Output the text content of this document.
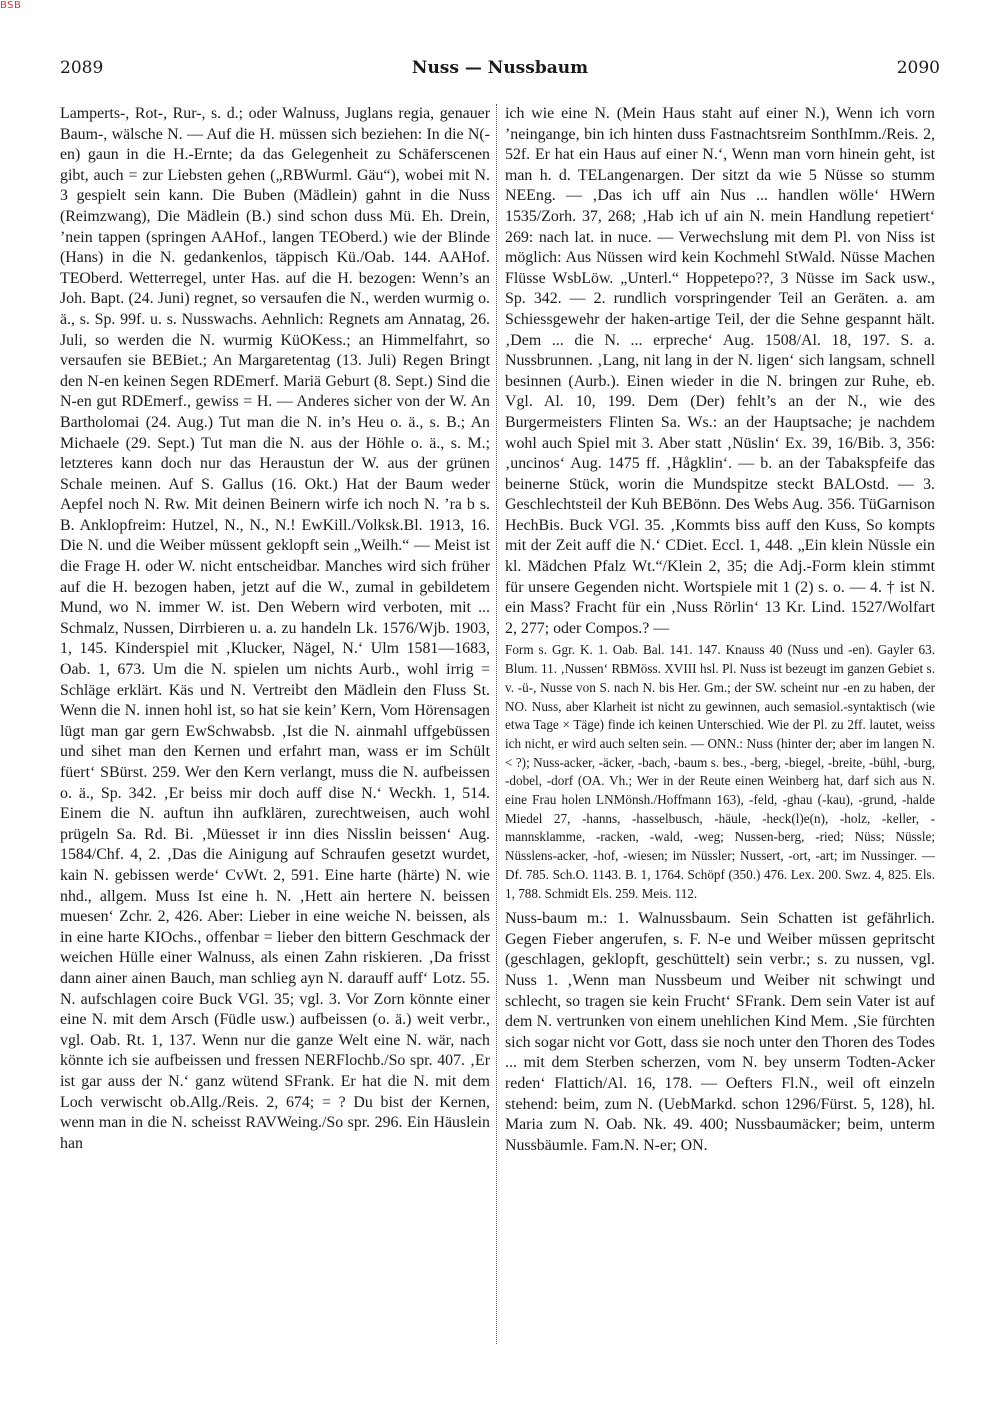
BSB
2089	Nuss — Nussbaum	2090

Lamperts-, Rot-, Rur-, s. d.; oder Walnuss, Juglans regia, genauer Baum-, wälsche N. — Auf die H. müssen sich beziehen: In die N(-en) gaun in die H.-Ernte; da das Gelegenheit zu Schäferscenen gibt, auch = zur Liebsten gehen („RBWurml. Gäu“), wobei mit N. 3 gespielt sein kann. Die Buben (Mädlein) gahnt in die Nuss (Reimzwang), Die Mädlein (B.) sind schon duss Mü. Eh. Drein, ’nein tappen (springen AAHof., langen TEOberd.) wie der Blinde (Hans) in die N. gedankenlos, täppisch Kü./Oab. 144. AAHof. TEOberd. Wetterregel, unter Has. auf die H. bezogen: Wenn’s an Joh. Bapt. (24. Juni) regnet, so versaufen die N., werden wurmig o. ä., s. Sp. 99f. u. s. Nusswachs. Aehnlich: Regnets am Annatag, 26. Juli, so werden die N. wurmig KüOKess.; an Himmelfahrt, so versaufen sie BEBiet.; An Margaretentag (13. Juli) Regen Bringt den N-en keinen Segen RDEmerf. Mariä Geburt (8. Sept.) Sind die N-en gut RDEmerf., gewiss = H. — Anderes sicher von der W. An Bartholomai (24. Aug.) Tut man die N. in’s Heu o. ä., s. B.; An Michaele (29. Sept.) Tut man die N. aus der Höhle o. ä., s. M.; letzteres kann doch nur das Heraustun der W. aus der grünen Schale meinen. Auf S. Gallus (16. Okt.) Hat der Baum weder Aepfel noch N. Rw. Mit deinen Beinern wirfe ich noch N. ’ra b s. B. Anklopfreim: Hutzel, N., N., N.! EwKill./Volksk.Bl. 1913, 16. Die N. und die Weiber müssent geklopft sein „Weilh.“ — Meist ist die Frage H. oder W. nicht entscheidbar. Manches wird sich früher auf die H. bezogen haben, jetzt auf die W., zumal in gebildetem Mund, wo N. immer W. ist. Den Webern wird verboten, mit ... Schmalz, Nussen, Dirrbieren u. a. zu handeln Lk. 1576/Wjb. 1903, 1, 145. Kinderspiel mit ‚Klucker, Nägel, N.‘ Ulm 1581—1683, Oab. 1, 673. Um die N. spielen um nichts Aurb., wohl irrig = Schläge erklärt. Käs und N. Vertreibt den Mädlein den Fluss St. Wenn die N. innen hohl ist, so hat sie kein’ Kern, Vom Hörensagen lügt man gar gern EwSchwabsb. ‚Ist die N. ainmahl uffgebüssen und sihet man den Kernen und erfahrt man, wass er im Schült füert‘ SBürst. 259. Wer den Kern verlangt, muss die N. aufbeissen o. ä., Sp. 342. ‚Er beiss mir doch auff dise N.‘ Weckh. 1, 514. Einem die N. auftun ihn aufklären, zurechtweisen, auch wohl prügeln Sa. Rd. Bi. ‚Müesset ir inn dies Nisslin beissen‘ Aug. 1584/Chf. 4, 2. ‚Das die Ainigung auf Schraufen gesetzt wurdet, kain N. gebissen werde‘ CvWt. 2, 591. Eine harte (härte) N. wie nhd., allgem. Muss Ist eine h. N. ‚Hett ain hertere N. beissen muesen‘ Zchr. 2, 426. Aber: Lieber in eine weiche N. beissen, als in eine harte KIOchs., offenbar = lieber den bittern Geschmack der weichen Hülle einer Walnuss, als einen Zahn riskieren. ‚Da frisst dann ainer ainen Bauch, man schlieg ayn N. darauff auff‘ Lotz. 55. N. aufschlagen coire Buck VGl. 35; vgl. 3. Vor Zorn könnte einer eine N. mit dem Arsch (Füdle usw.) aufbeissen (o. ä.) weit verbr., vgl. Oab. Rt. 1, 137. Wenn nur die ganze Welt eine N. wär, nach könnte ich sie aufbeissen und fressen NERFlochb./So spr. 407. ‚Er ist gar auss der N.‘ ganz wütend SFrank. Er hat die N. mit dem Loch verwischt ob.Allg./Reis. 2, 674; = ? Du bist der Kernen, wenn man in die N. scheisst RAVWeing./So spr. 296. Ein Häuslein han

ich wie eine N. (Mein Haus staht auf einer N.), Wenn ich vorn ’neingange, bin ich hinten duss Fastnachtsreim SonthImm./Reis. 2, 52f. Er hat ein Haus auf einer N.‘, Wenn man vorn hinein geht, ist man h. d. TELangenargen. Der sitzt da wie 5 Nüsse so stumm NEEng. — ‚Das ich uff ain Nus ... handlen wölle‘ HWern 1535/Zorh. 37, 268; ‚Hab ich uf ain N. mein Handlung repetiert‘ 269: nach lat. in nuce. — Verwechslung mit dem Pl. von Niss ist möglich: Aus Nüssen wird kein Kochmehl StWald. Nüsse Machen Flüsse WsbLöw. „Unterl.“ Hoppetepo??, 3 Nüsse im Sack usw., Sp. 342. — 2. rundlich vorspringender Teil an Geräten. a. am Schiessgewehr der haken-artige Teil, der die Sehne gespannt hält. ‚Dem ... die N. ... erpreche‘ Aug. 1508/Al. 18, 197. S. a. Nussbrunnen. ‚Lang, nit lang in der N. ligen‘ sich langsam, schnell besinnen (Aurb.). Einen wieder in die N. bringen zur Ruhe, eb. Vgl. Al. 10, 199. Dem (Der) fehlt’s an der N., wie des Burgermeisters Flinten Sa. Ws.: an der Hauptsache; je nachdem wohl auch Spiel mit 3. Aber statt ‚Nüslin‘ Ex. 39, 16/Bib. 3, 356: ‚uncinos‘ Aug. 1475 ff. ‚Hågklin‘. — b. an der Tabakspfeife das beinerne Stück, worin die Mundspitze steckt BALOstd. — 3. Geschlechtsteil der Kuh BEBönn. Des Webs Aug. 356. TüGarnison HechBis. Buck VGl. 35. ‚Kommts biss auff den Kuss, So kompts mit der Zeit auff die N.‘ CDiet. Eccl. 1, 448. „Ein klein Nüssle ein kl. Mädchen Pfalz Wt.“/Klein 2, 35; die Adj.-Form klein stimmt für unsere Gegenden nicht. Wortspiele mit 1 (2) s. o. — 4. † ist N. ein Mass? Fracht für ein ‚Nuss Rörlin‘ 13 Kr. Lind. 1527/Wolfart 2, 277; oder Compos.? —

Form s. Ggr. K. 1. Oab. Bal. 141. 147. Knauss 40 (Nuss und -en). Gayler 63. Blum. 11. ‚Nussen‘ RBMöss. XVIII hsl. Pl. Nuss ist bezeugt im ganzen Gebiet s. v. -ü-, Nusse von S. nach N. bis Her. Gm.; der SW. scheint nur -en zu haben, der NO. Nuss, aber Klarheit ist nicht zu gewinnen, auch semasiol.-syntaktisch (wie etwa Tage × Täge) finde ich keinen Unterschied. Wie der Pl. zu 2ff. lautet, weiss ich nicht, er wird auch selten sein. — ONN.: Nuss (hinter der; aber im langen N. < ?); Nuss-acker, -äcker, -bach, -baum s. bes., -berg, -biegel, -breite, -bühl, -burg, -dobel, -dorf (OA. Vh.; Wer in der Reute einen Weinberg hat, darf sich aus N. eine Frau holen LNMönsh./Hoffmann 163), -feld, -ghau (-kau), -grund, -halde Miedel 27, -hanns, -hasselbusch, -häule, -heck(l)e(n), -holz, -keller, -mannsklamme, -racken, -wald, -weg; Nussen-berg, -ried; Nüss; Nüssle; Nüsslens-acker, -hof, -wiesen; im Nüssler; Nussert, -ort, -art; im Nussinger. — Df. 785. Sch.O. 1143. B. 1, 1764. Schöpf (350.) 476. Lex. 200. Swz. 4, 825. Els. 1, 788. Schmidt Els. 259. Meis. 112.

Nuss-baum m.: 1. Walnussbaum. Sein Schatten ist gefährlich. Gegen Fieber angerufen, s. F. N-e und Weiber müssen gepritscht (geschlagen, geklopft, geschüttelt) sein verbr.; s. zu nussen, vgl. Nuss 1. ‚Wenn man Nussbeum und Weiber nit schwingt und schlecht, so tragen sie kein Frucht‘ SFrank. Dem sein Vater ist auf dem N. vertrunken von einem unehlichen Kind Mem. ‚Sie fürchten sich sogar nicht vor Gott, dass sie noch unter den Thoren des Todes ... mit dem Sterben scherzen, vom N. bey unserm Todten-Acker reden‘ Flattich/Al. 16, 178. — Oefters Fl.N., weil oft einzeln stehend: beim, zum N. (UebMarkd. schon 1296/Fürst. 5, 128), hl. Maria zum N. Oab. Nk. 49. 400; Nussbaumäcker; beim, unterm Nussbäumle. Fam.N. N-er; ON.
